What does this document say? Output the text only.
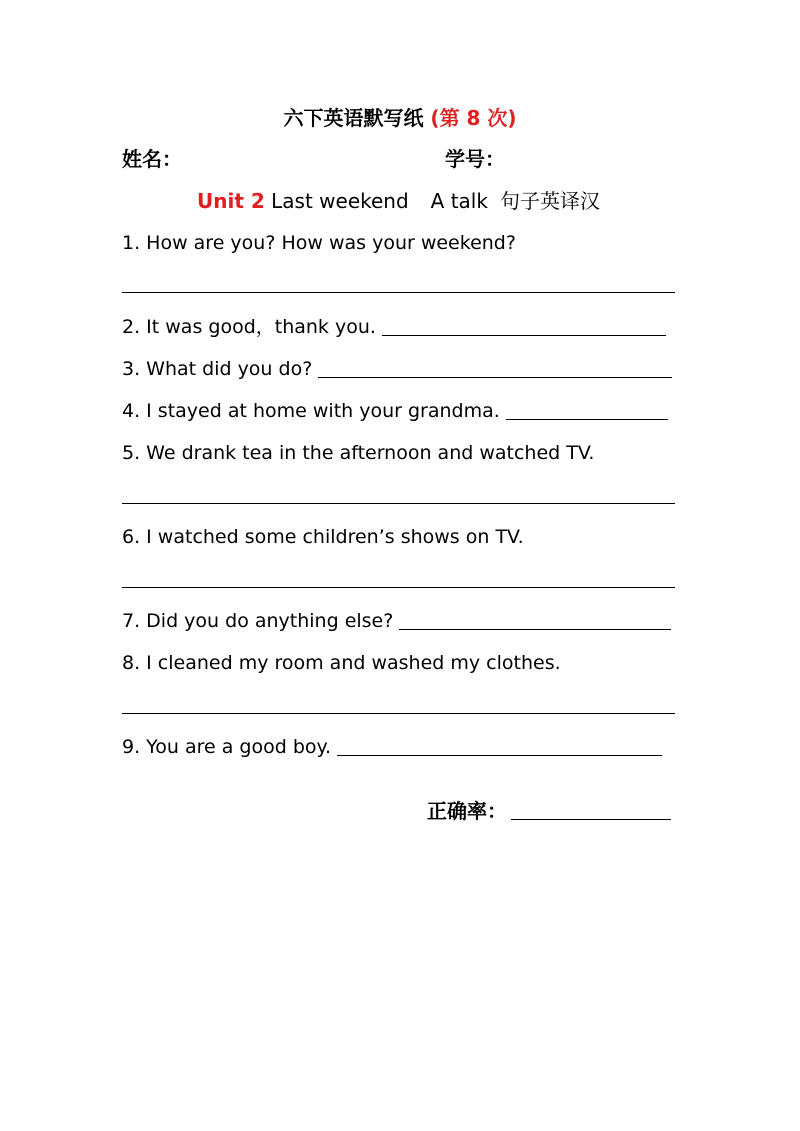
六下英语默写纸 (第 8 次)
姓名：	学号：
Unit 2 Last weekend A talk 句子英译汉
1. How are you? How was your weekend?
2. It was good，thank you.
3. What did you do?
4. I stayed at home with your grandma.
5. We drank tea in the afternoon and watched TV.
6. I watched some children’s shows on TV.
7. Did you do anything else?
8. I cleaned my room and washed my clothes.
9. You are a good boy.
正确率：
